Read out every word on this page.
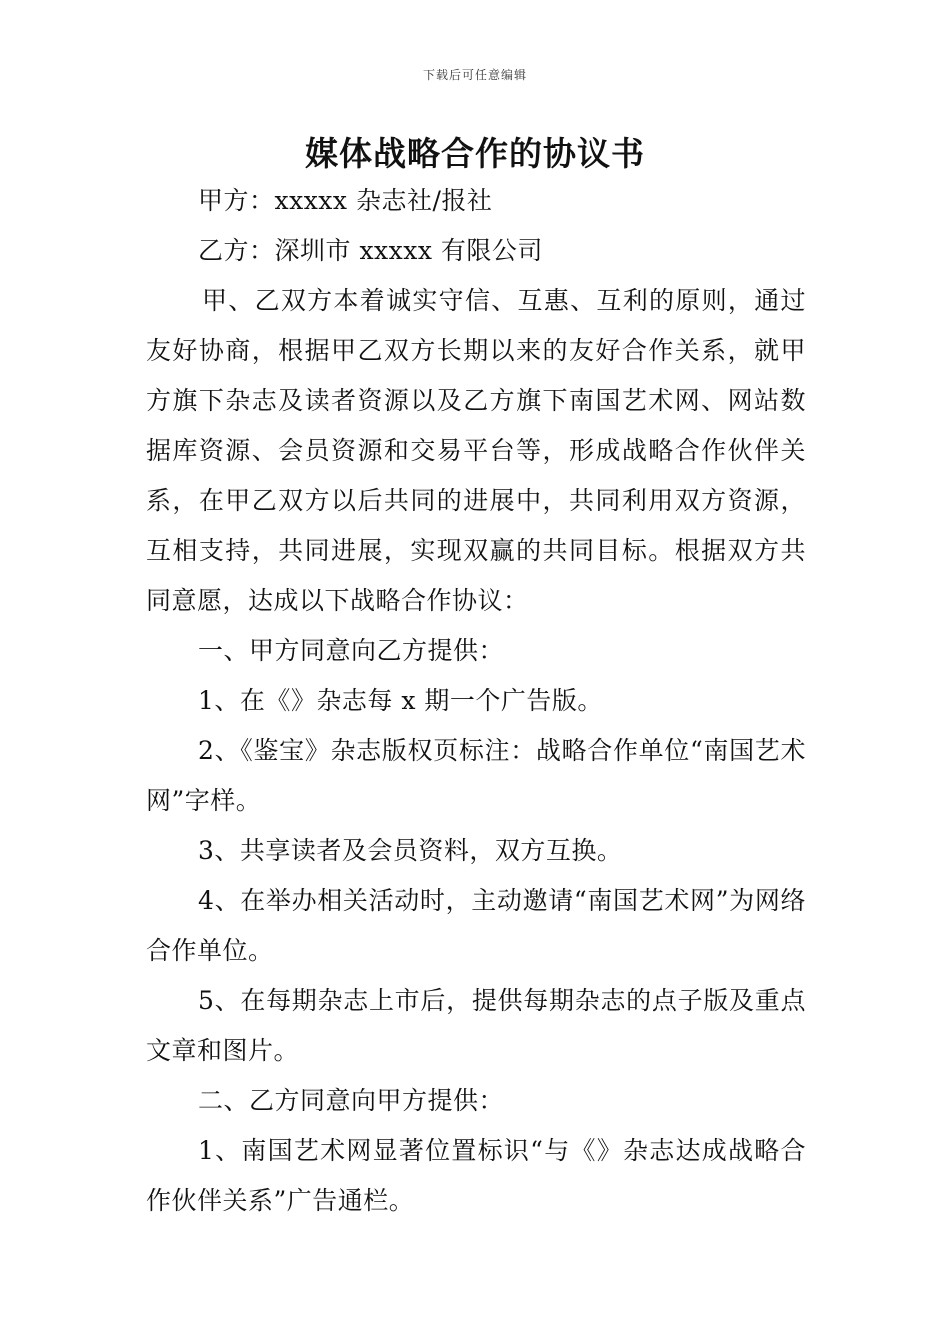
下载后可任意编辑
媒体战略合作的协议书

甲方：xxxxx 杂志社/报社

乙方：深圳市 xxxxx 有限公司

甲、乙双方本着诚实守信、互惠、互利的原则，通过友好协商，根据甲乙双方长期以来的友好合作关系，就甲方旗下杂志及读者资源以及乙方旗下南国艺术网、网站数据库资源、会员资源和交易平台等，形成战略合作伙伴关系，在甲乙双方以后共同的进展中，共同利用双方资源，互相支持，共同进展，实现双赢的共同目标。根据双方共同意愿，达成以下战略合作协议：

一、甲方同意向乙方提供：

1、在《》杂志每 x 期一个广告版。

2、《鉴宝》杂志版权页标注：战略合作单位“南国艺术网”字样。

3、共享读者及会员资料，双方互换。

4、在举办相关活动时，主动邀请“南国艺术网”为网络合作单位。

5、在每期杂志上市后，提供每期杂志的点子版及重点文章和图片。

二、乙方同意向甲方提供：

1、南国艺术网显著位置标识“与《》杂志达成战略合作伙伴关系”广告通栏。
